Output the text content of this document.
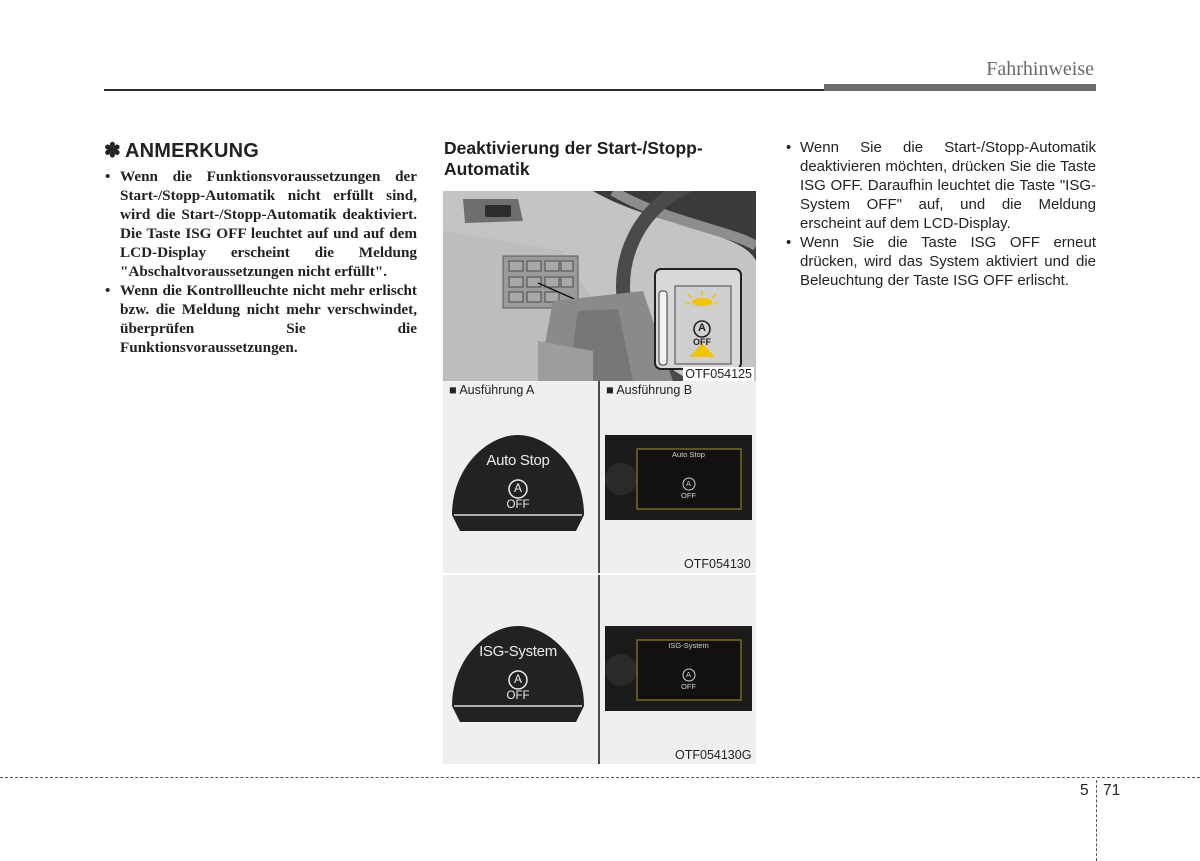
Fahrhinweise
✽ ANMERKUNG
• Wenn die Funktionsvoraussetzungen der Start-/Stopp-Automatik nicht erfüllt sind, wird die Start-/Stopp-Automatik deaktiviert. Die Taste ISG OFF leuchtet auf und auf dem LCD-Display erscheint die Meldung "Abschaltvoraussetzungen nicht erfüllt".
• Wenn die Kontrollleuchte nicht mehr erlischt bzw. die Meldung nicht mehr verschwindet, überprüfen Sie die Funktionsvoraussetzungen.
Deaktivierung der Start-/Stopp-Automatik
A
OFF
OTF054125
■ Ausführung A	■ Ausführung B
Auto Stop
A
OFF
Auto Stop
A
OFF
OTF054130
ISG-System
A
OFF
ISG-System
A
OFF
OTF054130G
• Wenn Sie die Start-/Stopp-Automatik deaktivieren möchten, drücken Sie die Taste ISG OFF. Daraufhin leuchtet die Taste "ISG-System OFF" auf, und die Meldung erscheint auf dem LCD-Display.
• Wenn Sie die Taste ISG OFF erneut drücken, wird das System aktiviert und die Beleuchtung der Taste ISG OFF erlischt.
5 71
